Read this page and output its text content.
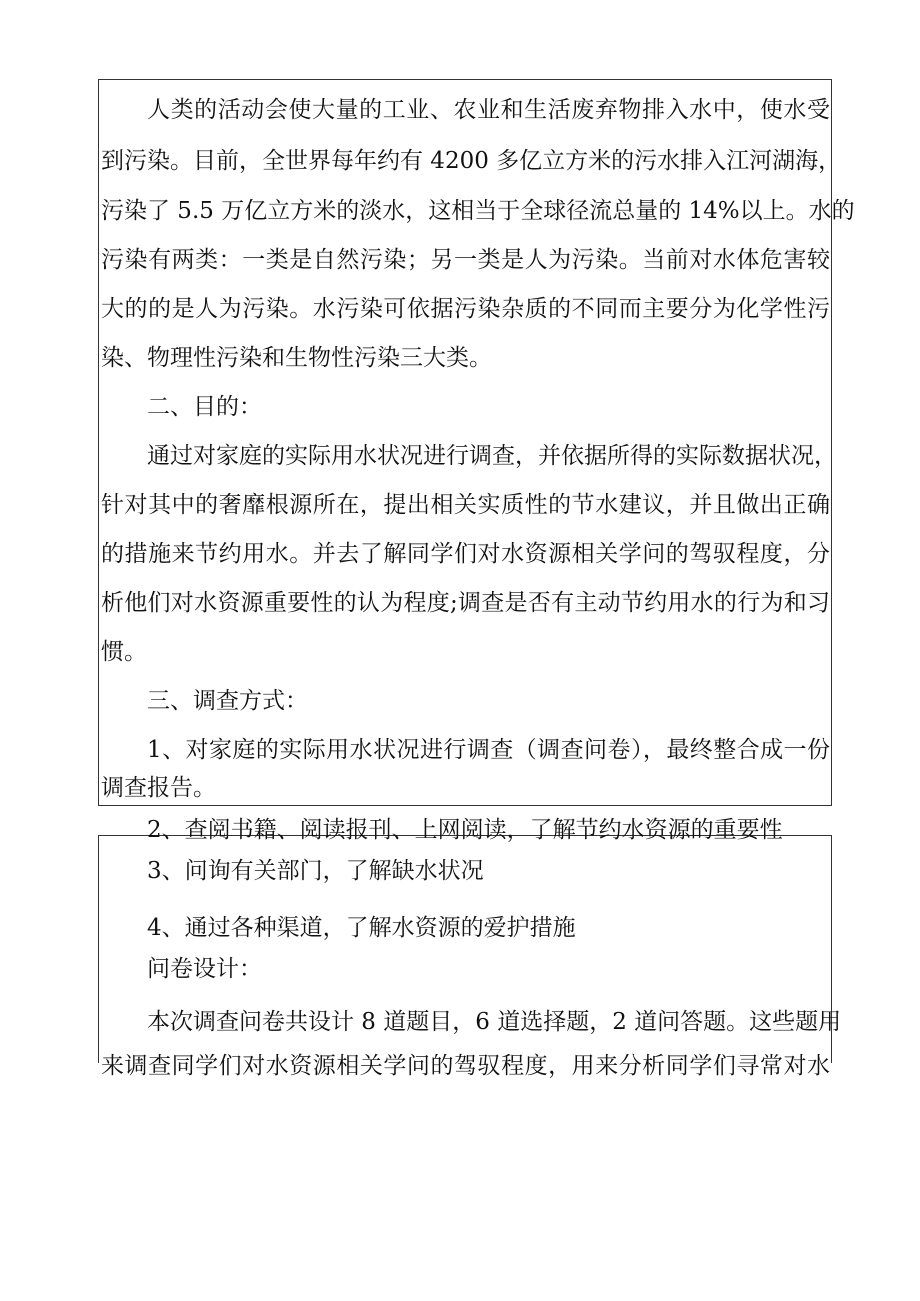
人类的活动会使大量的工业、农业和生活废弃物排入水中，使水受
到污染。目前，全世界每年约有 4200 多亿立方米的污水排入江河湖海，
污染了 5.5 万亿立方米的淡水，这相当于全球径流总量的 14%以上。水的
污染有两类：一类是自然污染；另一类是人为污染。当前对水体危害较
大的的是人为污染。水污染可依据污染杂质的不同而主要分为化学性污
染、物理性污染和生物性污染三大类。
二、目的：
通过对家庭的实际用水状况进行调查，并依据所得的实际数据状况，
针对其中的奢靡根源所在，提出相关实质性的节水建议，并且做出正确
的措施来节约用水。并去了解同学们对水资源相关学问的驾驭程度，分
析他们对水资源重要性的认为程度;调查是否有主动节约用水的行为和习
惯。
三、调查方式：
1、对家庭的实际用水状况进行调查（调查问卷），最终整合成一份
调查报告。
2、查阅书籍、阅读报刊、上网阅读，了解节约水资源的重要性
3、问询有关部门，了解缺水状况
4、通过各种渠道，了解水资源的爱护措施
问卷设计：
本次调查问卷共设计 8 道题目，6 道选择题，2 道问答题。这些题用
来调查同学们对水资源相关学问的驾驭程度，用来分析同学们寻常对水
